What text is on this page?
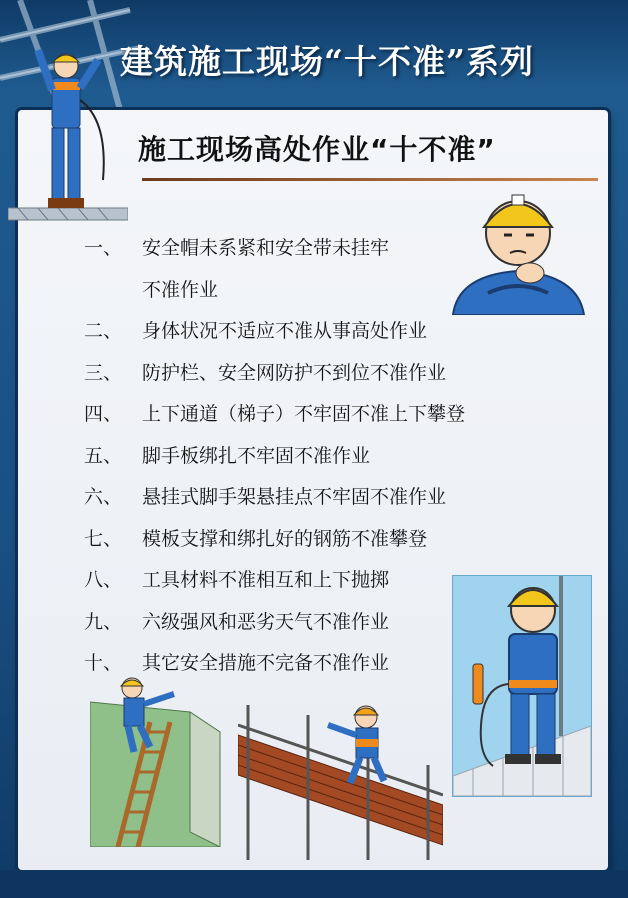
建筑施工现场“十不准”系列
施工现场高处作业“十不准”
一、	安全帽未系紧和安全带未挂牢
不准作业
二、	身体状况不适应不准从事高处作业
三、	防护栏、安全网防护不到位不准作业
四、	上下通道（梯子）不牢固不准上下攀登
五、	脚手板绑扎不牢固不准作业
六、	悬挂式脚手架悬挂点不牢固不准作业
七、	模板支撑和绑扎好的钢筋不准攀登
八、	工具材料不准相互和上下抛掷
九、	六级强风和恶劣天气不准作业
十、	其它安全措施不完备不准作业
